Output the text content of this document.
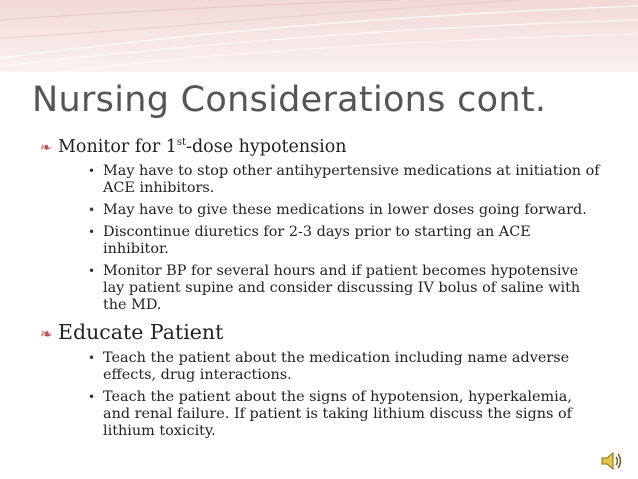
Nursing Considerations cont.
❧ Monitor for 1st-dose hypotension
• May have to stop other antihypertensive medications at initiation of ACE inhibitors.
• May have to give these medications in lower doses going forward.
• Discontinue diuretics for 2-3 days prior to starting an ACE inhibitor.
• Monitor BP for several hours and if patient becomes hypotensive lay patient supine and consider discussing IV bolus of saline with the MD.
❧ Educate Patient
• Teach the patient about the medication including name adverse effects, drug interactions.
• Teach the patient about the signs of hypotension, hyperkalemia, and renal failure. If patient is taking lithium discuss the signs of lithium toxicity.
